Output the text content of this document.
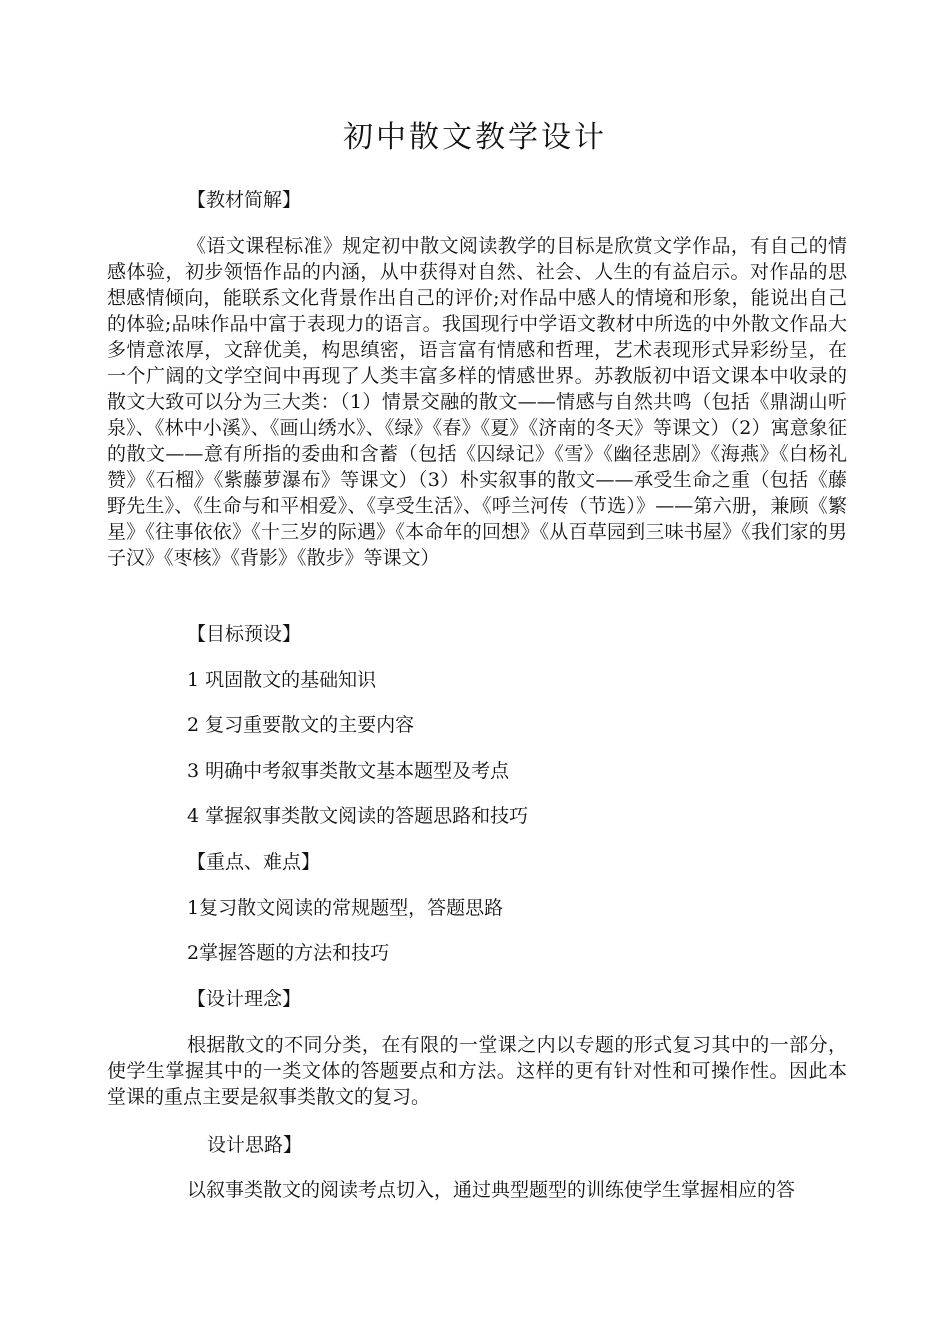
初中散文教学设计

【教材简解】

《语文课程标准》规定初中散文阅读教学的目标是欣赏文学作品，有自己的情感体验，初步领悟作品的内涵，从中获得对自然、社会、人生的有益启示。对作品的思想感情倾向，能联系文化背景作出自己的评价;对作品中感人的情境和形象，能说出自己的体验;品味作品中富于表现力的语言。我国现行中学语文教材中所选的中外散文作品大多情意浓厚，文辞优美，构思缜密，语言富有情感和哲理，艺术表现形式异彩纷呈，在一个广阔的文学空间中再现了人类丰富多样的情感世界。苏教版初中语文课本中收录的散文大致可以分为三大类：（1）情景交融的散文——情感与自然共鸣（包括《鼎湖山听泉》、《林中小溪》、《画山绣水》、《绿》《春》《夏》《济南的冬天》等课文）（2）寓意象征的散文——意有所指的委曲和含蓄（包括《囚绿记》《雪》《幽径悲剧》《海燕》《白杨礼赞》《石榴》《紫藤萝瀑布》等课文）（3）朴实叙事的散文——承受生命之重（包括《藤野先生》、《生命与和平相爱》、《享受生活》、《呼兰河传（节选）》——第六册，兼顾《繁星》《往事依依》《十三岁的际遇》《本命年的回想》《从百草园到三味书屋》《我们家的男子汉》《枣核》《背影》《散步》等课文）

【目标预设】

1 巩固散文的基础知识

2 复习重要散文的主要内容

3 明确中考叙事类散文基本题型及考点

4 掌握叙事类散文阅读的答题思路和技巧

【重点、难点】

1复习散文阅读的常规题型，答题思路

2掌握答题的方法和技巧

【设计理念】

根据散文的不同分类，在有限的一堂课之内以专题的形式复习其中的一部分，使学生掌握其中的一类文体的答题要点和方法。这样的更有针对性和可操作性。因此本堂课的重点主要是叙事类散文的复习。

设计思路】

以叙事类散文的阅读考点切入，通过典型题型的训练使学生掌握相应的答
